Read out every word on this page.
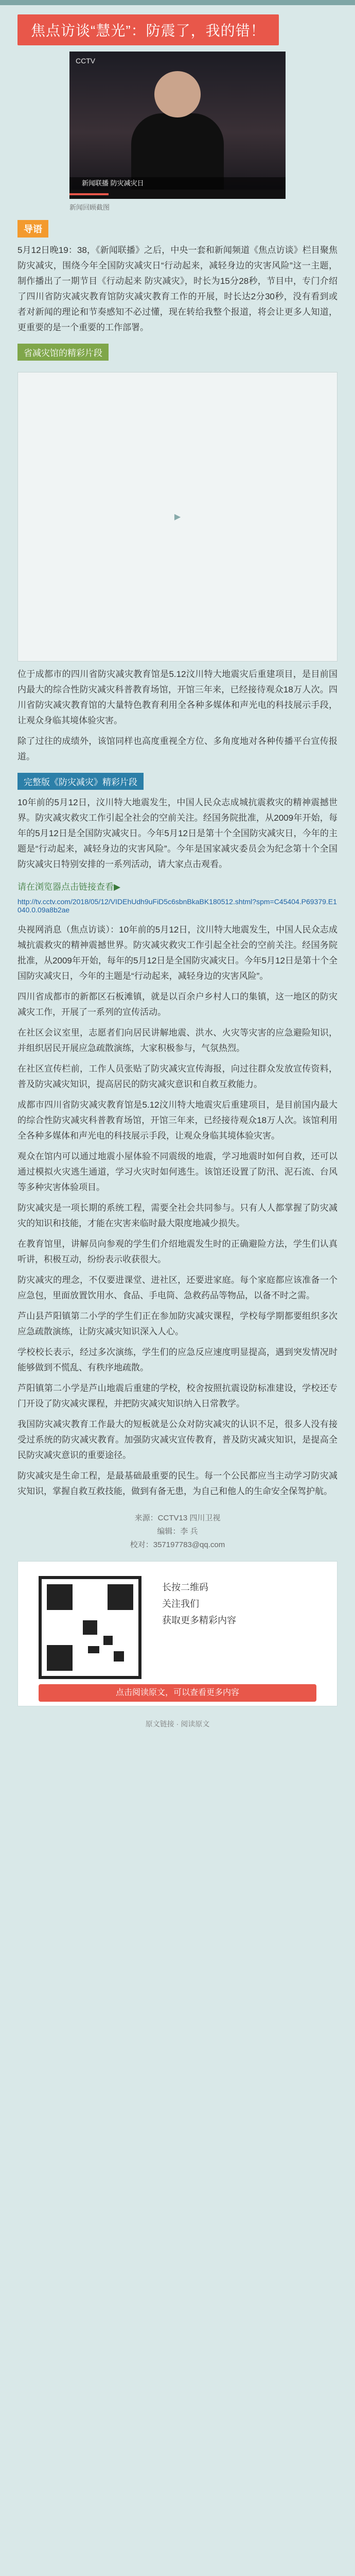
焦点访谈“慧光”：防震了，我的错！
CCTV
新闻联播 防灾减灾日
新闻回顾截图
导语

5月12日晚19：38，《新闻联播》之后，中央一套和新闻频道《焦点访谈》栏目聚焦防灾减灾，围绕今年全国防灾减灾日“行动起来，减轻身边的灾害风险”这一主题，制作播出了一期节目《行动起来 防灾减灾》，时长为15分28秒，节目中，专门介绍了四川省防灾减灾教育馆防灾减灾教育工作的开展，时长达2分30秒，没有看到或者对新闻的理论和节奏感知不必过懂，现在转给我整个报道，将会让更多人知道，更重要的是一个重要的工作部署。

省减灾馆的精彩片段
▶

位于成都市的四川省防灾减灾教育馆是5.12汶川特大地震灾后重建项目，是目前国内最大的综合性防灾减灾科普教育场馆，开馆三年来，已经接待观众18万人次。四川省防灾减灾教育馆的大量特色教育利用全各种多媒体和声光电的科技展示手段，让观众身临其境体验灾害。

除了过往的成绩外，该馆同样也高度重视全方位、多角度地对各种传播平台宣传报道。

完整版《防灾减灾》精彩片段

10年前的5月12日，汶川特大地震发生，中国人民众志成城抗震救灾的精神震撼世界。防灾减灾救灾工作引起全社会的空前关注。经国务院批准，从2009年开始，每年的5月12日是全国防灾减灾日。今年5月12日是第十个全国防灾减灾日，今年的主题是“行动起来，减轻身边的灾害风险”。今年是国家减灾委员会为纪念第十个全国防灾减灾日特别安排的一系列活动，请大家点击观看。

请在浏览器点击链接查看▶
http://tv.cctv.com/2018/05/12/VIDEhUdh9uFiD5c6sbnBkaBK180512.shtml?spm=C45404.P69379.E1040.0.09a8b2ae

央视网消息（焦点访谈）：10年前的5月12日，汶川特大地震发生，中国人民众志成城抗震救灾的精神震撼世界。防灾减灾救灾工作引起全社会的空前关注。经国务院批准，从2009年开始，每年的5月12日是全国防灾减灾日。今年5月12日是第十个全国防灾减灾日，今年的主题是“行动起来，减轻身边的灾害风险”。

四川省成都市的新都区石板滩镇，就是以百余户乡村人口的集镇，这一地区的防灾减灾工作，开展了一系列的宣传活动。

在社区会议室里，志愿者们向居民讲解地震、洪水、火灾等灾害的应急避险知识，并组织居民开展应急疏散演练，大家积极参与，气氛热烈。

在社区宣传栏前，工作人员张贴了防灾减灾宣传海报，向过往群众发放宣传资料，普及防灾减灾知识，提高居民的防灾减灾意识和自救互救能力。

成都市四川省防灾减灾教育馆是5.12汶川特大地震灾后重建项目，是目前国内最大的综合性防灾减灾科普教育场馆，开馆三年来，已经接待观众18万人次。该馆利用全各种多媒体和声光电的科技展示手段，让观众身临其境体验灾害。

观众在馆内可以通过地震小屋体验不同震级的地震，学习地震时如何自救，还可以通过模拟火灾逃生通道，学习火灾时如何逃生。该馆还设置了防汛、泥石流、台风等多种灾害体验项目。

防灾减灾是一项长期的系统工程，需要全社会共同参与。只有人人都掌握了防灾减灾的知识和技能，才能在灾害来临时最大限度地减少损失。

在教育馆里，讲解员向参观的学生们介绍地震发生时的正确避险方法，学生们认真听讲，积极互动，纷纷表示收获很大。

防灾减灾的理念，不仅要进课堂、进社区，还要进家庭。每个家庭都应该准备一个应急包，里面放置饮用水、食品、手电筒、急救药品等物品，以备不时之需。

芦山县芦阳镇第二小学的学生们正在参加防灾减灾课程，学校每学期都要组织多次应急疏散演练，让防灾减灾知识深入人心。

学校校长表示，经过多次演练，学生们的应急反应速度明显提高，遇到突发情况时能够做到不慌乱、有秩序地疏散。

芦阳镇第二小学是芦山地震后重建的学校，校舍按照抗震设防标准建设，学校还专门开设了防灾减灾课程，并把防灾减灾知识纳入日常教学。

我国防灾减灾教育工作最大的短板就是公众对防灾减灾的认识不足，很多人没有接受过系统的防灾减灾教育。加强防灾减灾宣传教育，普及防灾减灾知识，是提高全民防灾减灾意识的重要途径。

防灾减灾是生命工程，是最基础最重要的民生。每一个公民都应当主动学习防灾减灾知识，掌握自救互救技能，做到有备无患，为自己和他人的生命安全保驾护航。

来源：CCTV13 四川卫视
编辑：李 兵
校对：357197783@qq.com
长按二维码
关注我们
获取更多精彩内容
点击阅读原文，可以查看更多内容
原文链接 · 阅读原文
